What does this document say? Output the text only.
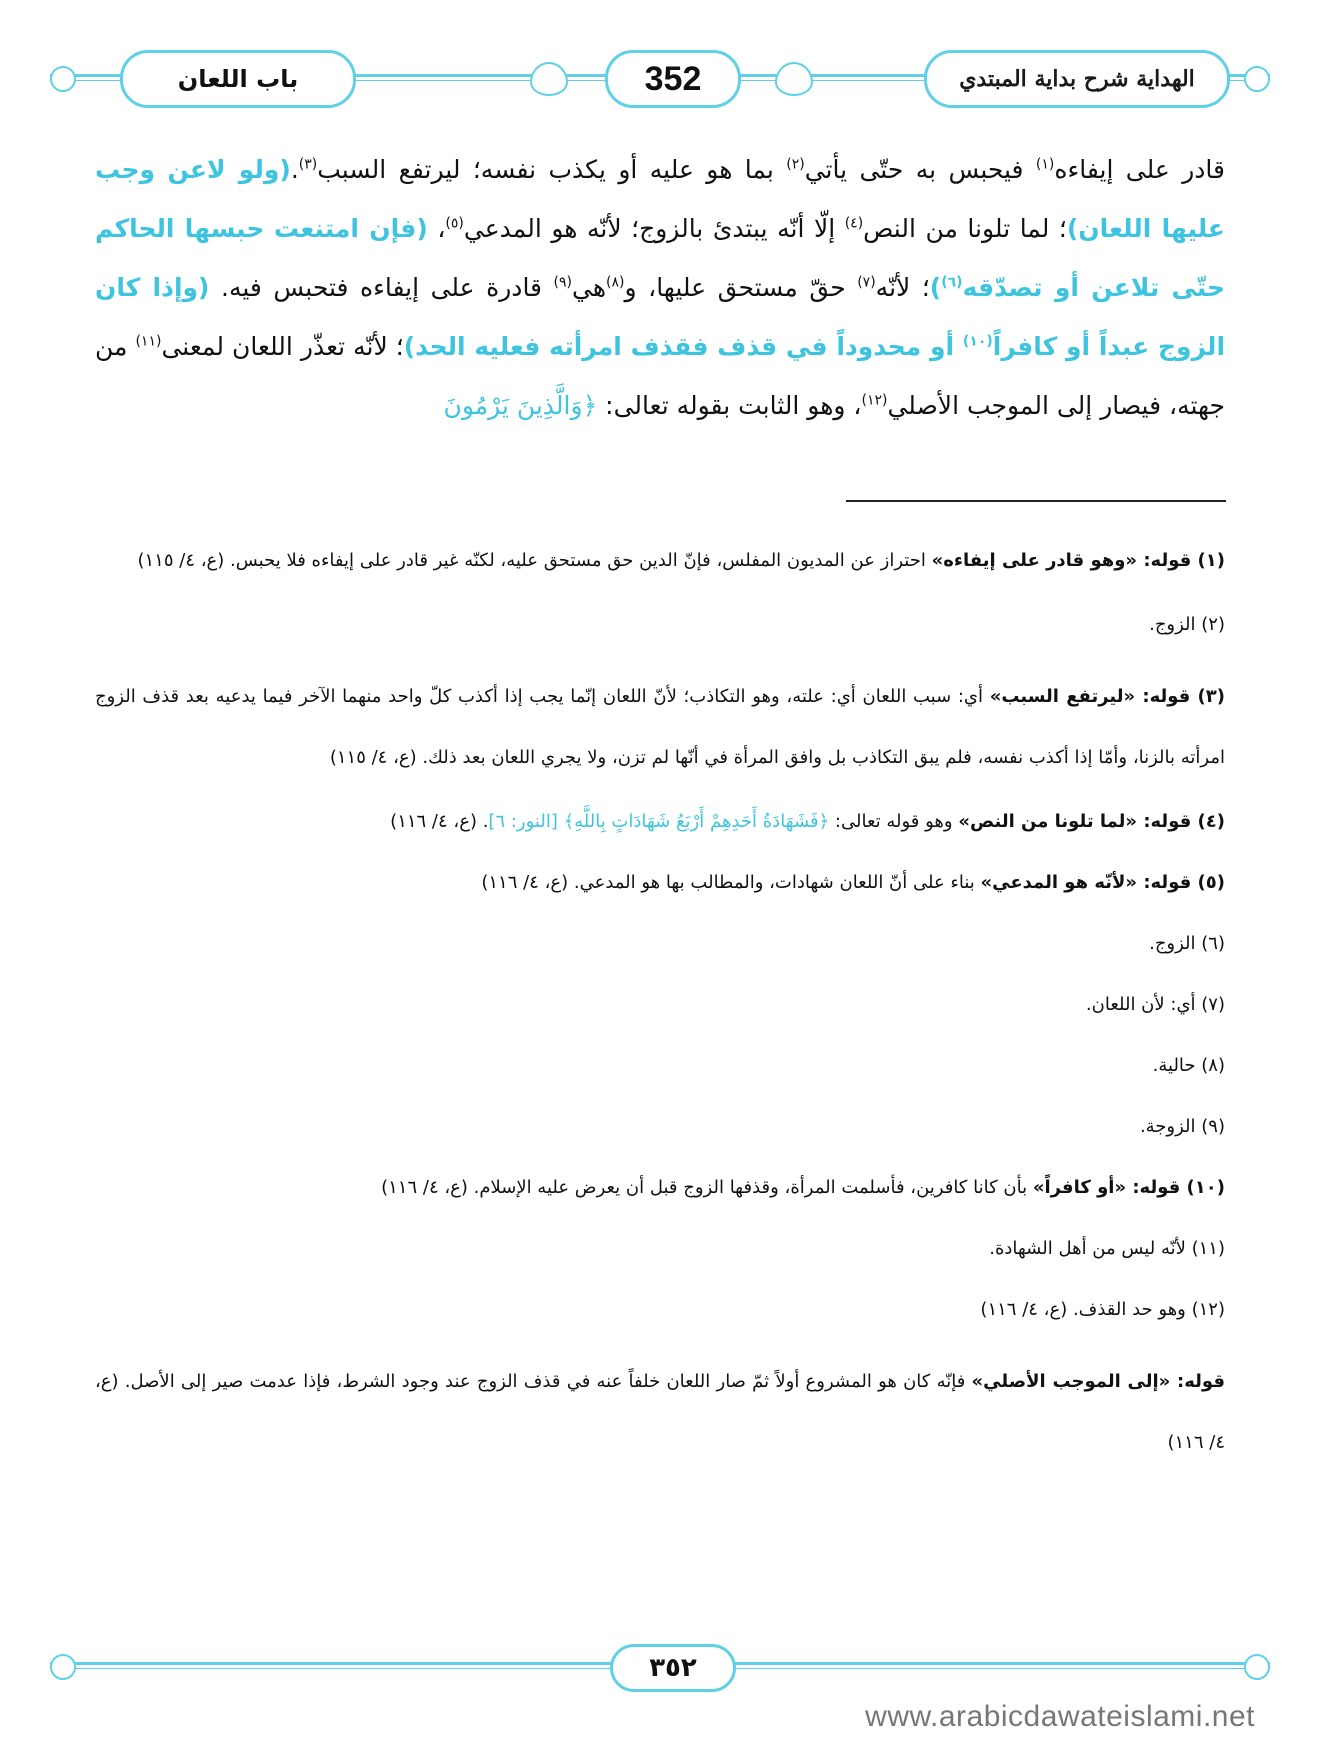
باب اللعان	352	الهداية شرح بداية المبتدي
قادر على إيفاءه$^{(١)}$ فيحبس به حتّى يأتي$^{(٢)}$ بما هو عليه أو يكذب نفسه؛ ليرتفع السبب$^{(٣)}$.(ولو لاعن وجب عليها اللعان)؛ لما تلونا من النص$^{(٤)}$ إلّا أنّه يبتدئ بالزوج؛ لأنّه هو المدعي$^{(٥)}$، (فإن امتنعت حبسها الحاكم حتّى تلاعن أو تصدّقه$^{(٦)}$)؛ لأنّه$^{(٧)}$ حقّ مستحق عليها، و$^{(٨)}$هي$^{(٩)}$ قادرة على إيفاءه فتحبس فيه. (وإذا كان الزوج عبداً أو كافراً$^{(١٠)}$ أو محدوداً في قذف فقذف امرأته فعليه الحد)؛ لأنّه تعذّر اللعان لمعنى$^{(١١)}$ من جهته، فيصار إلى الموجب الأصلي$^{(١٢)}$، وهو الثابت بقوله تعالى: ﴿وَالَّذِينَ يَرْمُونَ
(١) قوله: «وهو قادر على إيفاءه» احتراز عن المديون المفلس، فإنّ الدين حق مستحق عليه، لكنّه غير قادر على إيفاءه فلا يحبس. (ع، ٤/ ١١٥)
(٢) الزوج.
(٣) قوله: «ليرتفع السبب» أي: سبب اللعان أي: علته، وهو التكاذب؛ لأنّ اللعان إنّما يجب إذا أكذب كلّ واحد منهما الآخر فيما يدعيه بعد قذف الزوج امرأته بالزنا، وأمّا إذا أكذب نفسه، فلم يبق التكاذب بل وافق المرأة في أنّها لم تزن، ولا يجري اللعان بعد ذلك. (ع، ٤/ ١١٥)
(٤) قوله: «لما تلونا من النص» وهو قوله تعالى: ﴿فَشَهَادَةُ أَحَدِهِمْ أَرْبَعُ شَهَادَاتٍ بِاللَّهِ﴾ [النور: ٦]. (ع، ٤/ ١١٦)
(٥) قوله: «لأنّه هو المدعي» بناء على أنّ اللعان شهادات، والمطالب بها هو المدعي. (ع، ٤/ ١١٦)
(٦) الزوج.
(٧) أي: لأن اللعان.
(٨) حالية.
(٩) الزوجة.
(١٠) قوله: «أو كافراً» بأن كانا كافرين، فأسلمت المرأة، وقذفها الزوج قبل أن يعرض عليه الإسلام. (ع، ٤/ ١١٦)
(١١) لأنّه ليس من أهل الشهادة.
(١٢) وهو حد القذف. (ع، ٤/ ١١٦)
قوله: «إلى الموجب الأصلي» فإنّه كان هو المشروع أولاً ثمّ صار اللعان خلفاً عنه في قذف الزوج عند وجود الشرط، فإذا عدمت صير إلى الأصل. (ع، ٤/ ١١٦)
٣٥٢
www.arabicdawateislami.net
